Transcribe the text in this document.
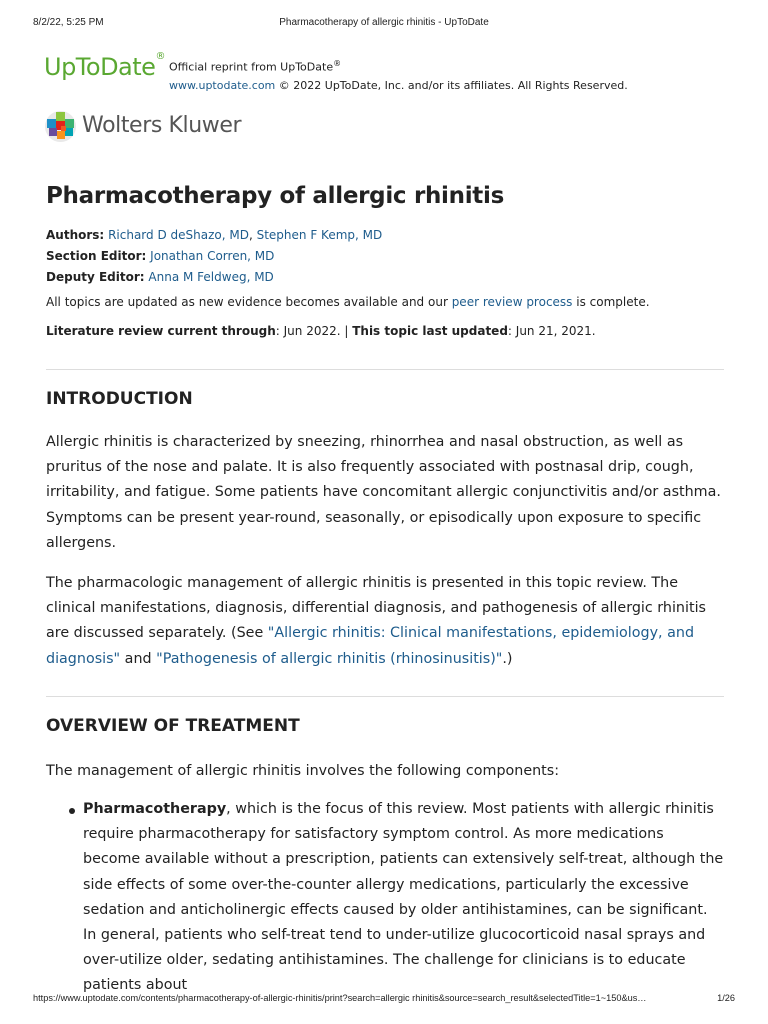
8/2/22, 5:25 PM	Pharmacotherapy of allergic rhinitis - UpToDate
UpToDate®
Official reprint from UpToDate®
www.uptodate.com © 2022 UpToDate, Inc. and/or its affiliates. All Rights Reserved.
Wolters Kluwer
Pharmacotherapy of allergic rhinitis
Authors: Richard D deShazo, MD, Stephen F Kemp, MD
Section Editor: Jonathan Corren, MD
Deputy Editor: Anna M Feldweg, MD
All topics are updated as new evidence becomes available and our peer review process is complete.
Literature review current through: Jun 2022. | This topic last updated: Jun 21, 2021.
INTRODUCTION

Allergic rhinitis is characterized by sneezing, rhinorrhea and nasal obstruction, as well as pruritus of the nose and palate. It is also frequently associated with postnasal drip, cough, irritability, and fatigue. Some patients have concomitant allergic conjunctivitis and/or asthma. Symptoms can be present year-round, seasonally, or episodically upon exposure to specific allergens.

The pharmacologic management of allergic rhinitis is presented in this topic review. The clinical manifestations, diagnosis, differential diagnosis, and pathogenesis of allergic rhinitis are discussed separately. (See "Allergic rhinitis: Clinical manifestations, epidemiology, and diagnosis" and "Pathogenesis of allergic rhinitis (rhinosinusitis)".)

OVERVIEW OF TREATMENT

The management of allergic rhinitis involves the following components:

Pharmacotherapy, which is the focus of this review. Most patients with allergic rhinitis require pharmacotherapy for satisfactory symptom control. As more medications become available without a prescription, patients can extensively self-treat, although the side effects of some over-the-counter allergy medications, particularly the excessive sedation and anticholinergic effects caused by older antihistamines, can be significant. In general, patients who self-treat tend to under-utilize glucocorticoid nasal sprays and over-utilize older, sedating antihistamines. The challenge for clinicians is to educate patients about
https://www.uptodate.com/contents/pharmacotherapy-of-allergic-rhinitis/print?search=allergic rhinitis&source=search_result&selectedTitle=1~150&us…	1/26
